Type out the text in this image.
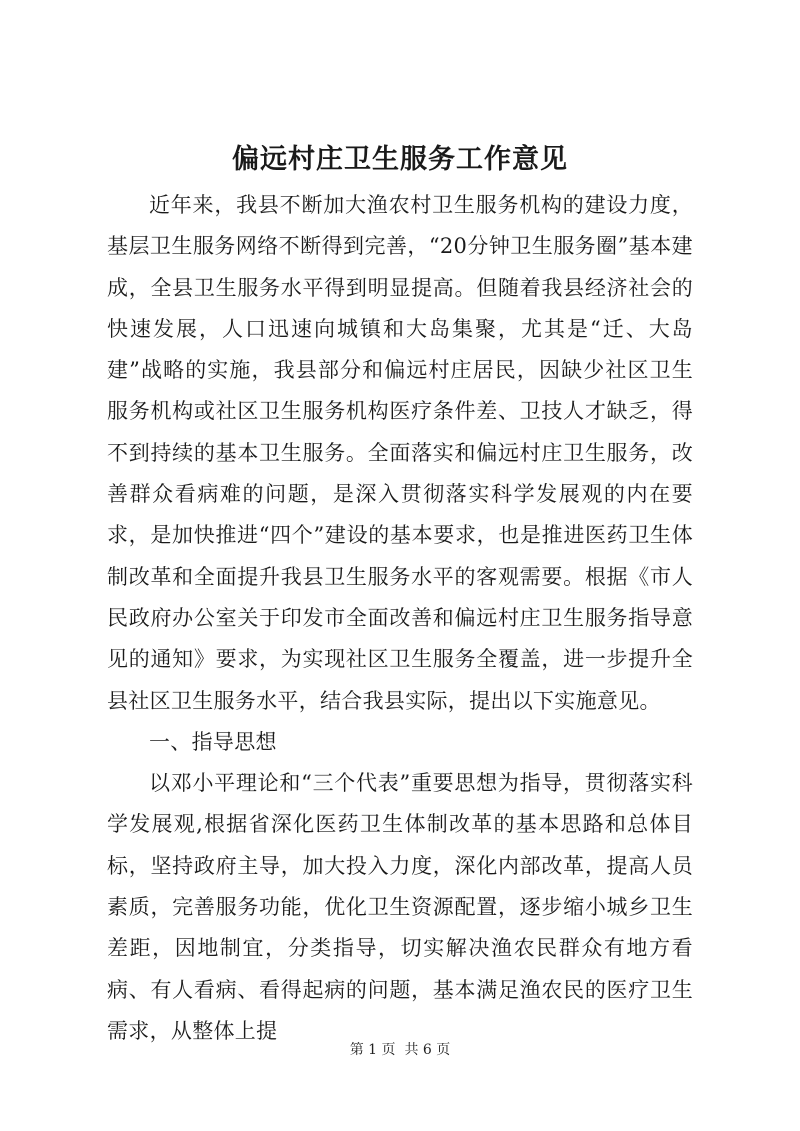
偏远村庄卫生服务工作意见

近年来，我县不断加大渔农村卫生服务机构的建设力度，基层卫生服务网络不断得到完善，“20分钟卫生服务圈”基本建成，全县卫生服务水平得到明显提高。但随着我县经济社会的快速发展，人口迅速向城镇和大岛集聚，尤其是“迁、大岛建”战略的实施，我县部分和偏远村庄居民，因缺少社区卫生服务机构或社区卫生服务机构医疗条件差、卫技人才缺乏，得不到持续的基本卫生服务。全面落实和偏远村庄卫生服务，改善群众看病难的问题，是深入贯彻落实科学发展观的内在要求，是加快推进“四个”建设的基本要求，也是推进医药卫生体制改革和全面提升我县卫生服务水平的客观需要。根据《市人民政府办公室关于印发市全面改善和偏远村庄卫生服务指导意见的通知》要求，为实现社区卫生服务全覆盖，进一步提升全县社区卫生服务水平，结合我县实际，提出以下实施意见。

一、指导思想

以邓小平理论和“三个代表”重要思想为指导，贯彻落实科学发展观,根据省深化医药卫生体制改革的基本思路和总体目标，坚持政府主导，加大投入力度，深化内部改革，提高人员素质，完善服务功能，优化卫生资源配置，逐步缩小城乡卫生差距，因地制宜，分类指导，切实解决渔农民群众有地方看病、有人看病、看得起病的问题，基本满足渔农民的医疗卫生需求，从整体上提

第 1 页  共 6 页
